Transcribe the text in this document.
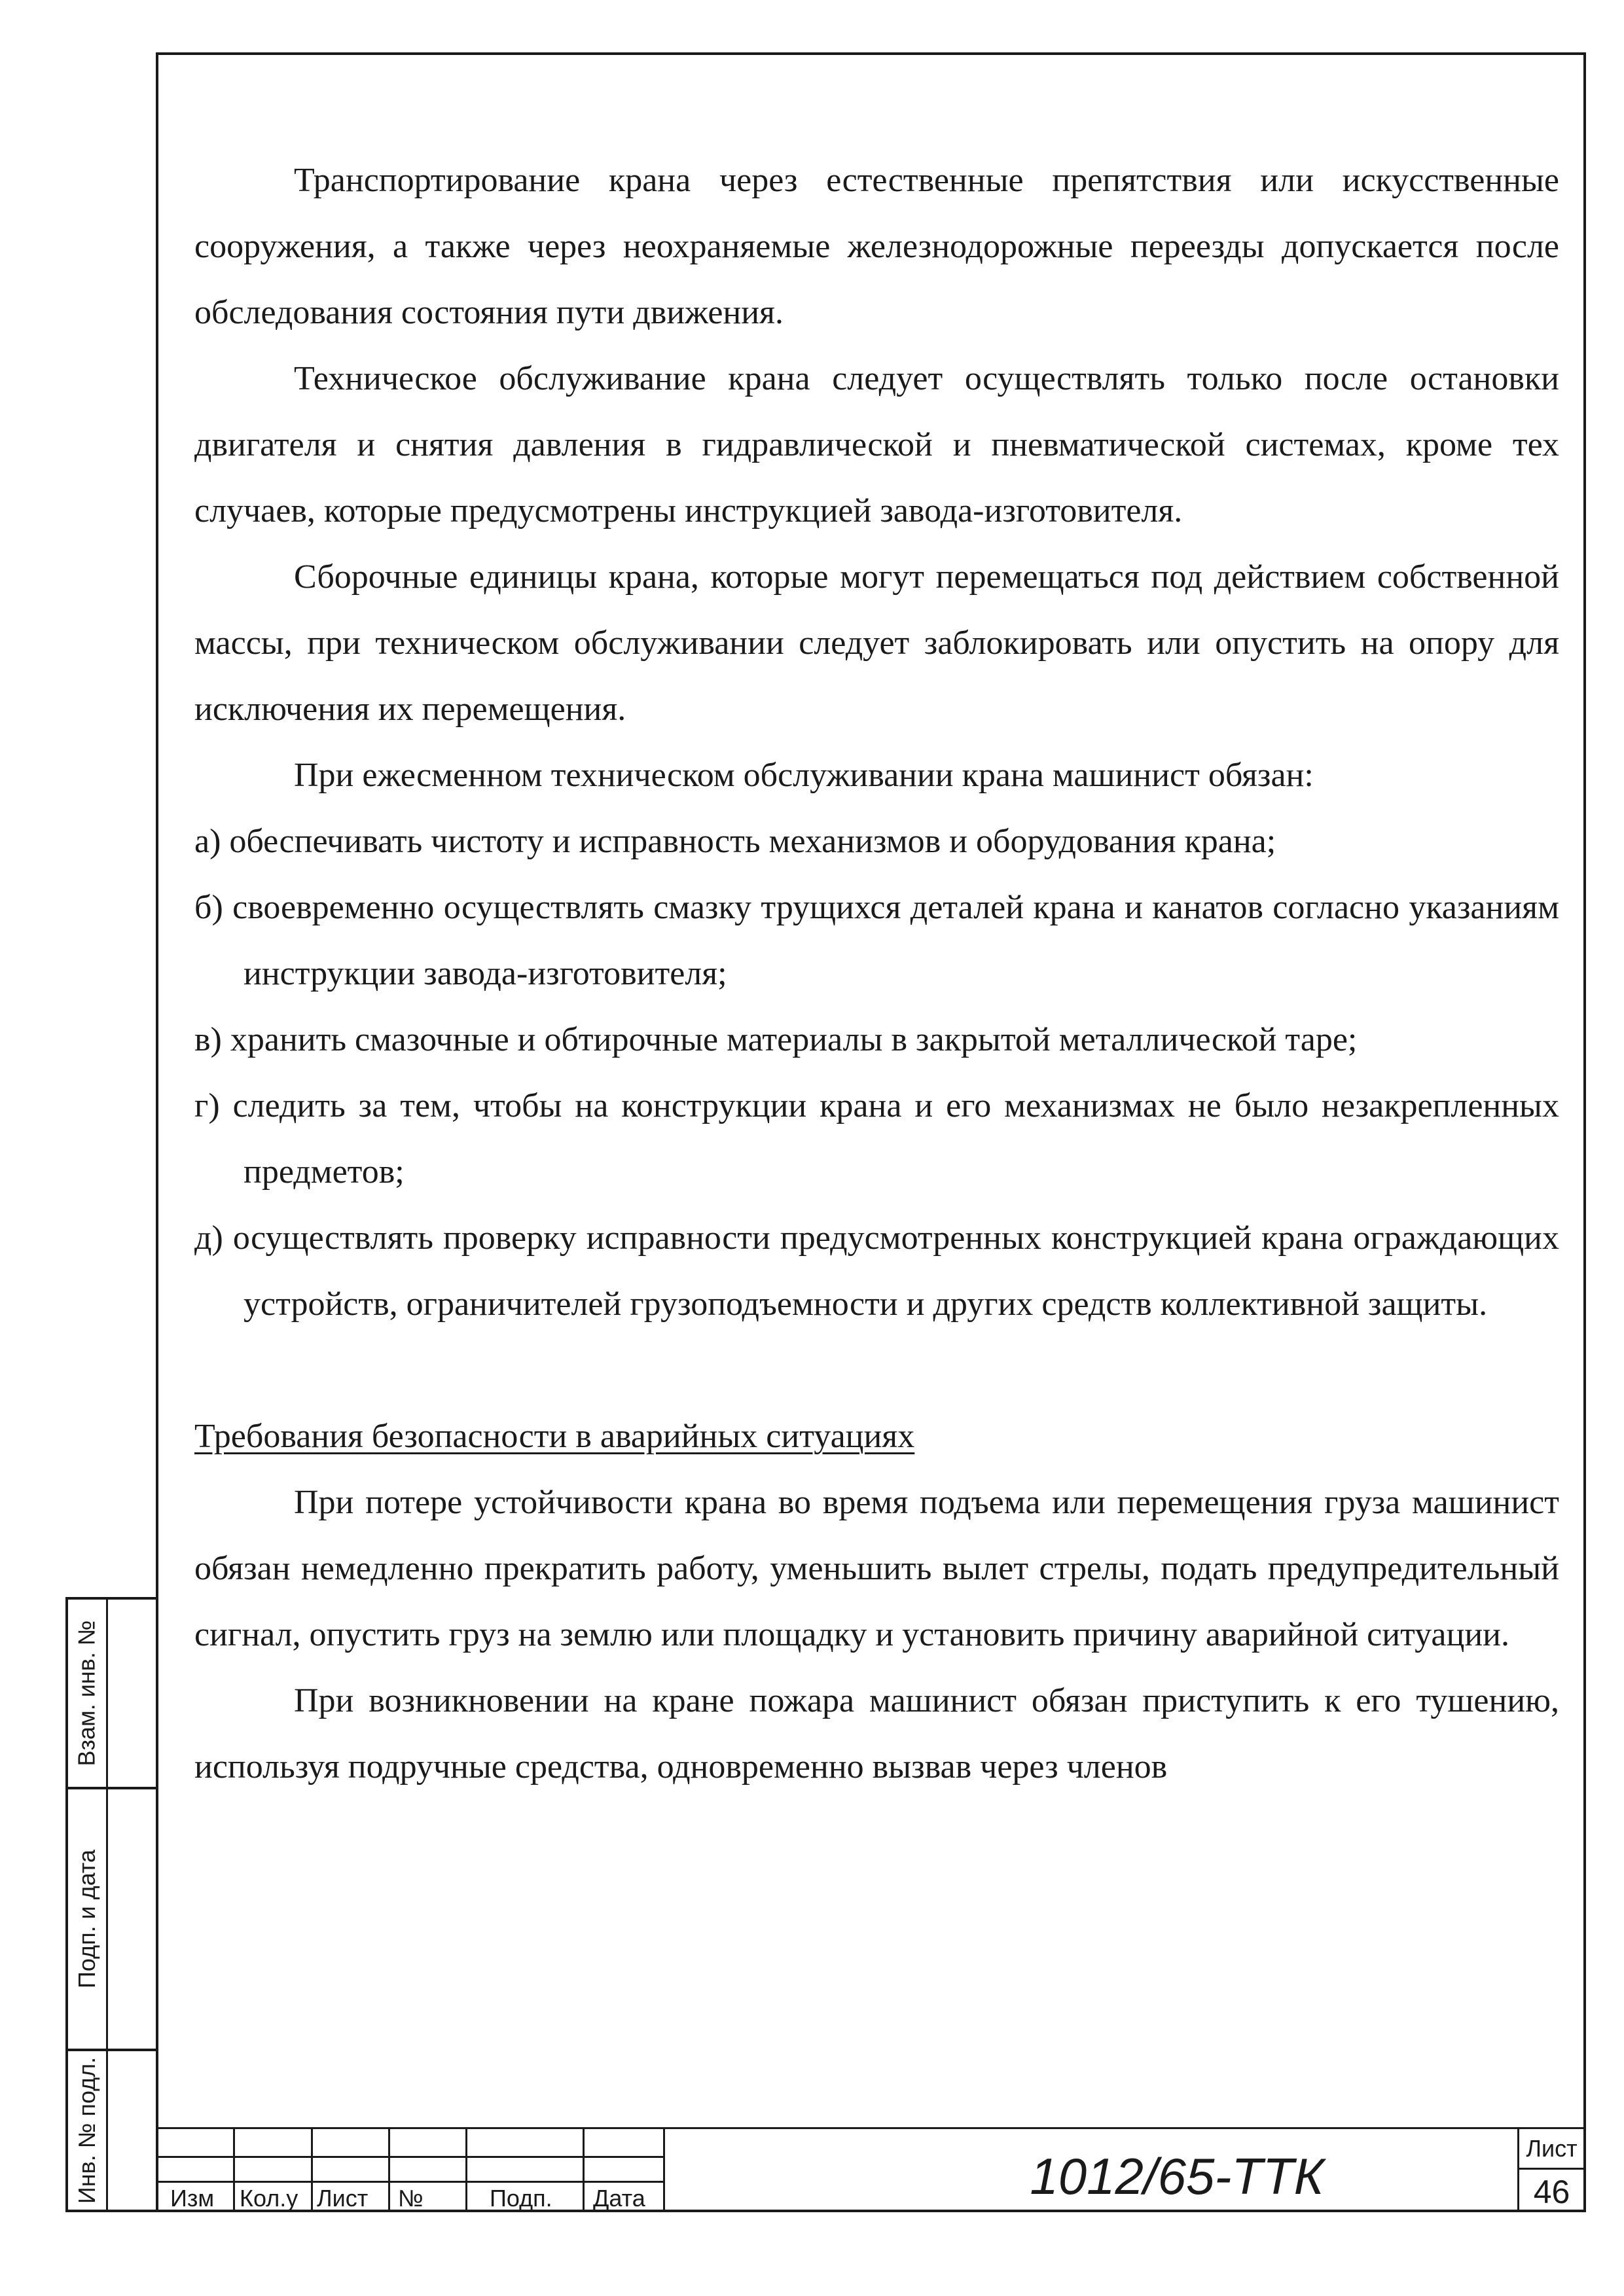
Транспортирование крана через естественные препятствия или искусственные сооружения, а также через неохраняемые железнодорожные переезды допускается после обследования состояния пути движения.

Техническое обслуживание крана следует осуществлять только после остановки двигателя и снятия давления в гидравлической и пневматической системах, кроме тех случаев, которые предусмотрены инструкцией завода-изготовителя.

Сборочные единицы крана, которые могут перемещаться под действием собственной массы, при техническом обслуживании следует заблокировать или опустить на опору для исключения их перемещения.

При ежесменном техническом обслуживании крана машинист обязан:

а) обеспечивать чистоту и исправность механизмов и оборудования крана;

б) своевременно осуществлять смазку трущихся деталей крана и канатов согласно указаниям инструкции завода-изготовителя;

в) хранить смазочные и обтирочные материалы в закрытой металлической таре;

г) следить за тем, чтобы на конструкции крана и его механизмах не было незакрепленных предметов;

д) осуществлять проверку исправности предусмотренных конструкцией крана ограждающих устройств, ограничителей грузоподъемности и других средств коллективной защиты.

Требования безопасности в аварийных ситуациях

При потере устойчивости крана во время подъема или перемещения груза машинист обязан немедленно прекратить работу, уменьшить вылет стрелы, подать предупредительный сигнал, опустить груз на землю или площадку и установить причину аварийной ситуации.

При возникновении на кране пожара машинист обязан приступить к его тушению, используя подручные средства, одновременно вызвав через членов

Взам. инв. №
Подп. и дата
Инв. № подл.	Изм Кол.у Лист №	Подп. Дата	1012/65-ТТК	Лист
46
